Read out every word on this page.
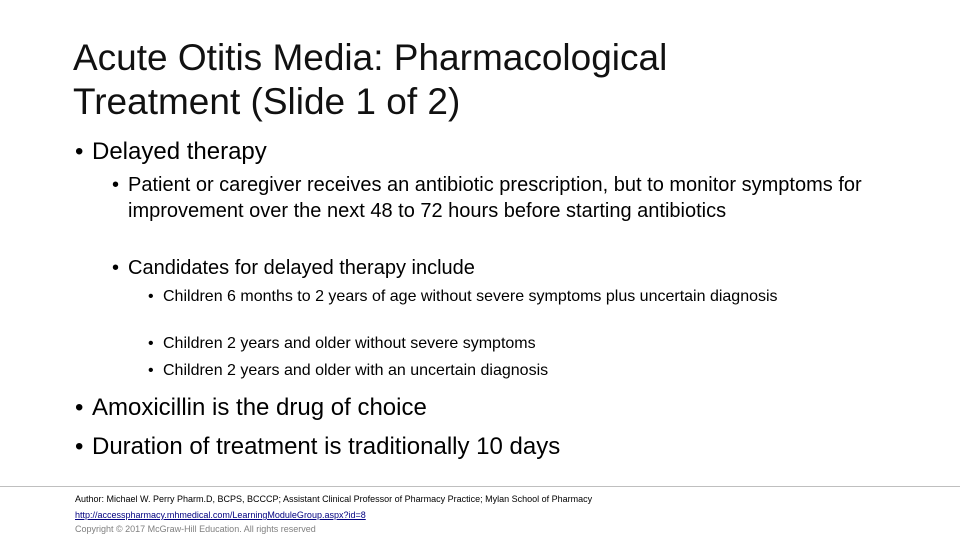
Acute Otitis Media: Pharmacological
Treatment (Slide 1 of 2)
• Delayed therapy
• Patient or caregiver receives an antibiotic prescription, but to monitor symptoms for improvement over the next 48 to 72 hours before starting antibiotics
• Candidates for delayed therapy include
• Children 6 months to 2 years of age without severe symptoms plus uncertain diagnosis
• Children 2 years and older without severe symptoms
• Children 2 years and older with an uncertain diagnosis
• Amoxicillin is the drug of choice
• Duration of treatment is traditionally 10 days
Author: Michael W. Perry Pharm.D, BCPS, BCCCP; Assistant Clinical Professor of Pharmacy Practice; Mylan School of Pharmacy
http://accesspharmacy.mhmedical.com/LearningModuleGroup.aspx?id=8
Copyright © 2017 McGraw-Hill Education. All rights reserved
